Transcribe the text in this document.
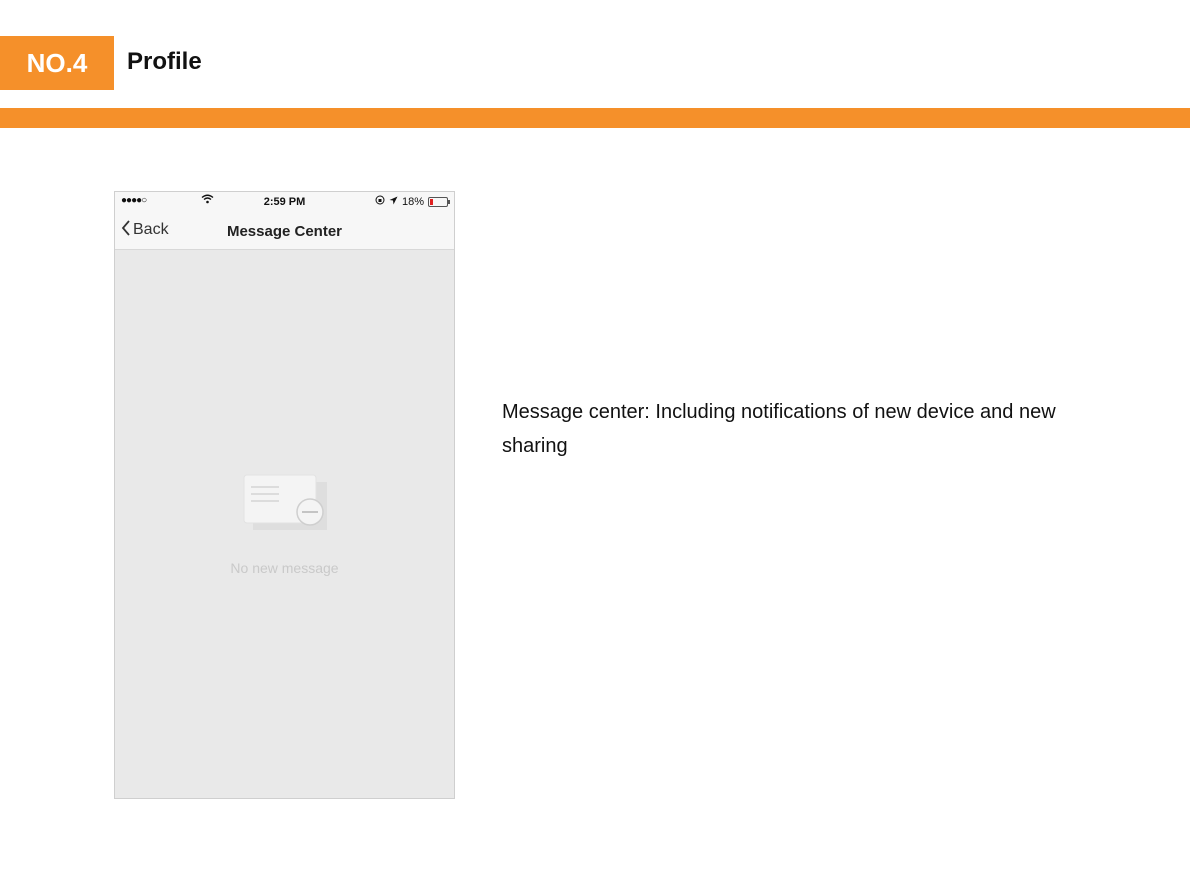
NO.4	Profile
●●●●○	2:59 PM	18%
Back	Message Center
No new message
Message center: Including notifications of new device and new sharing
